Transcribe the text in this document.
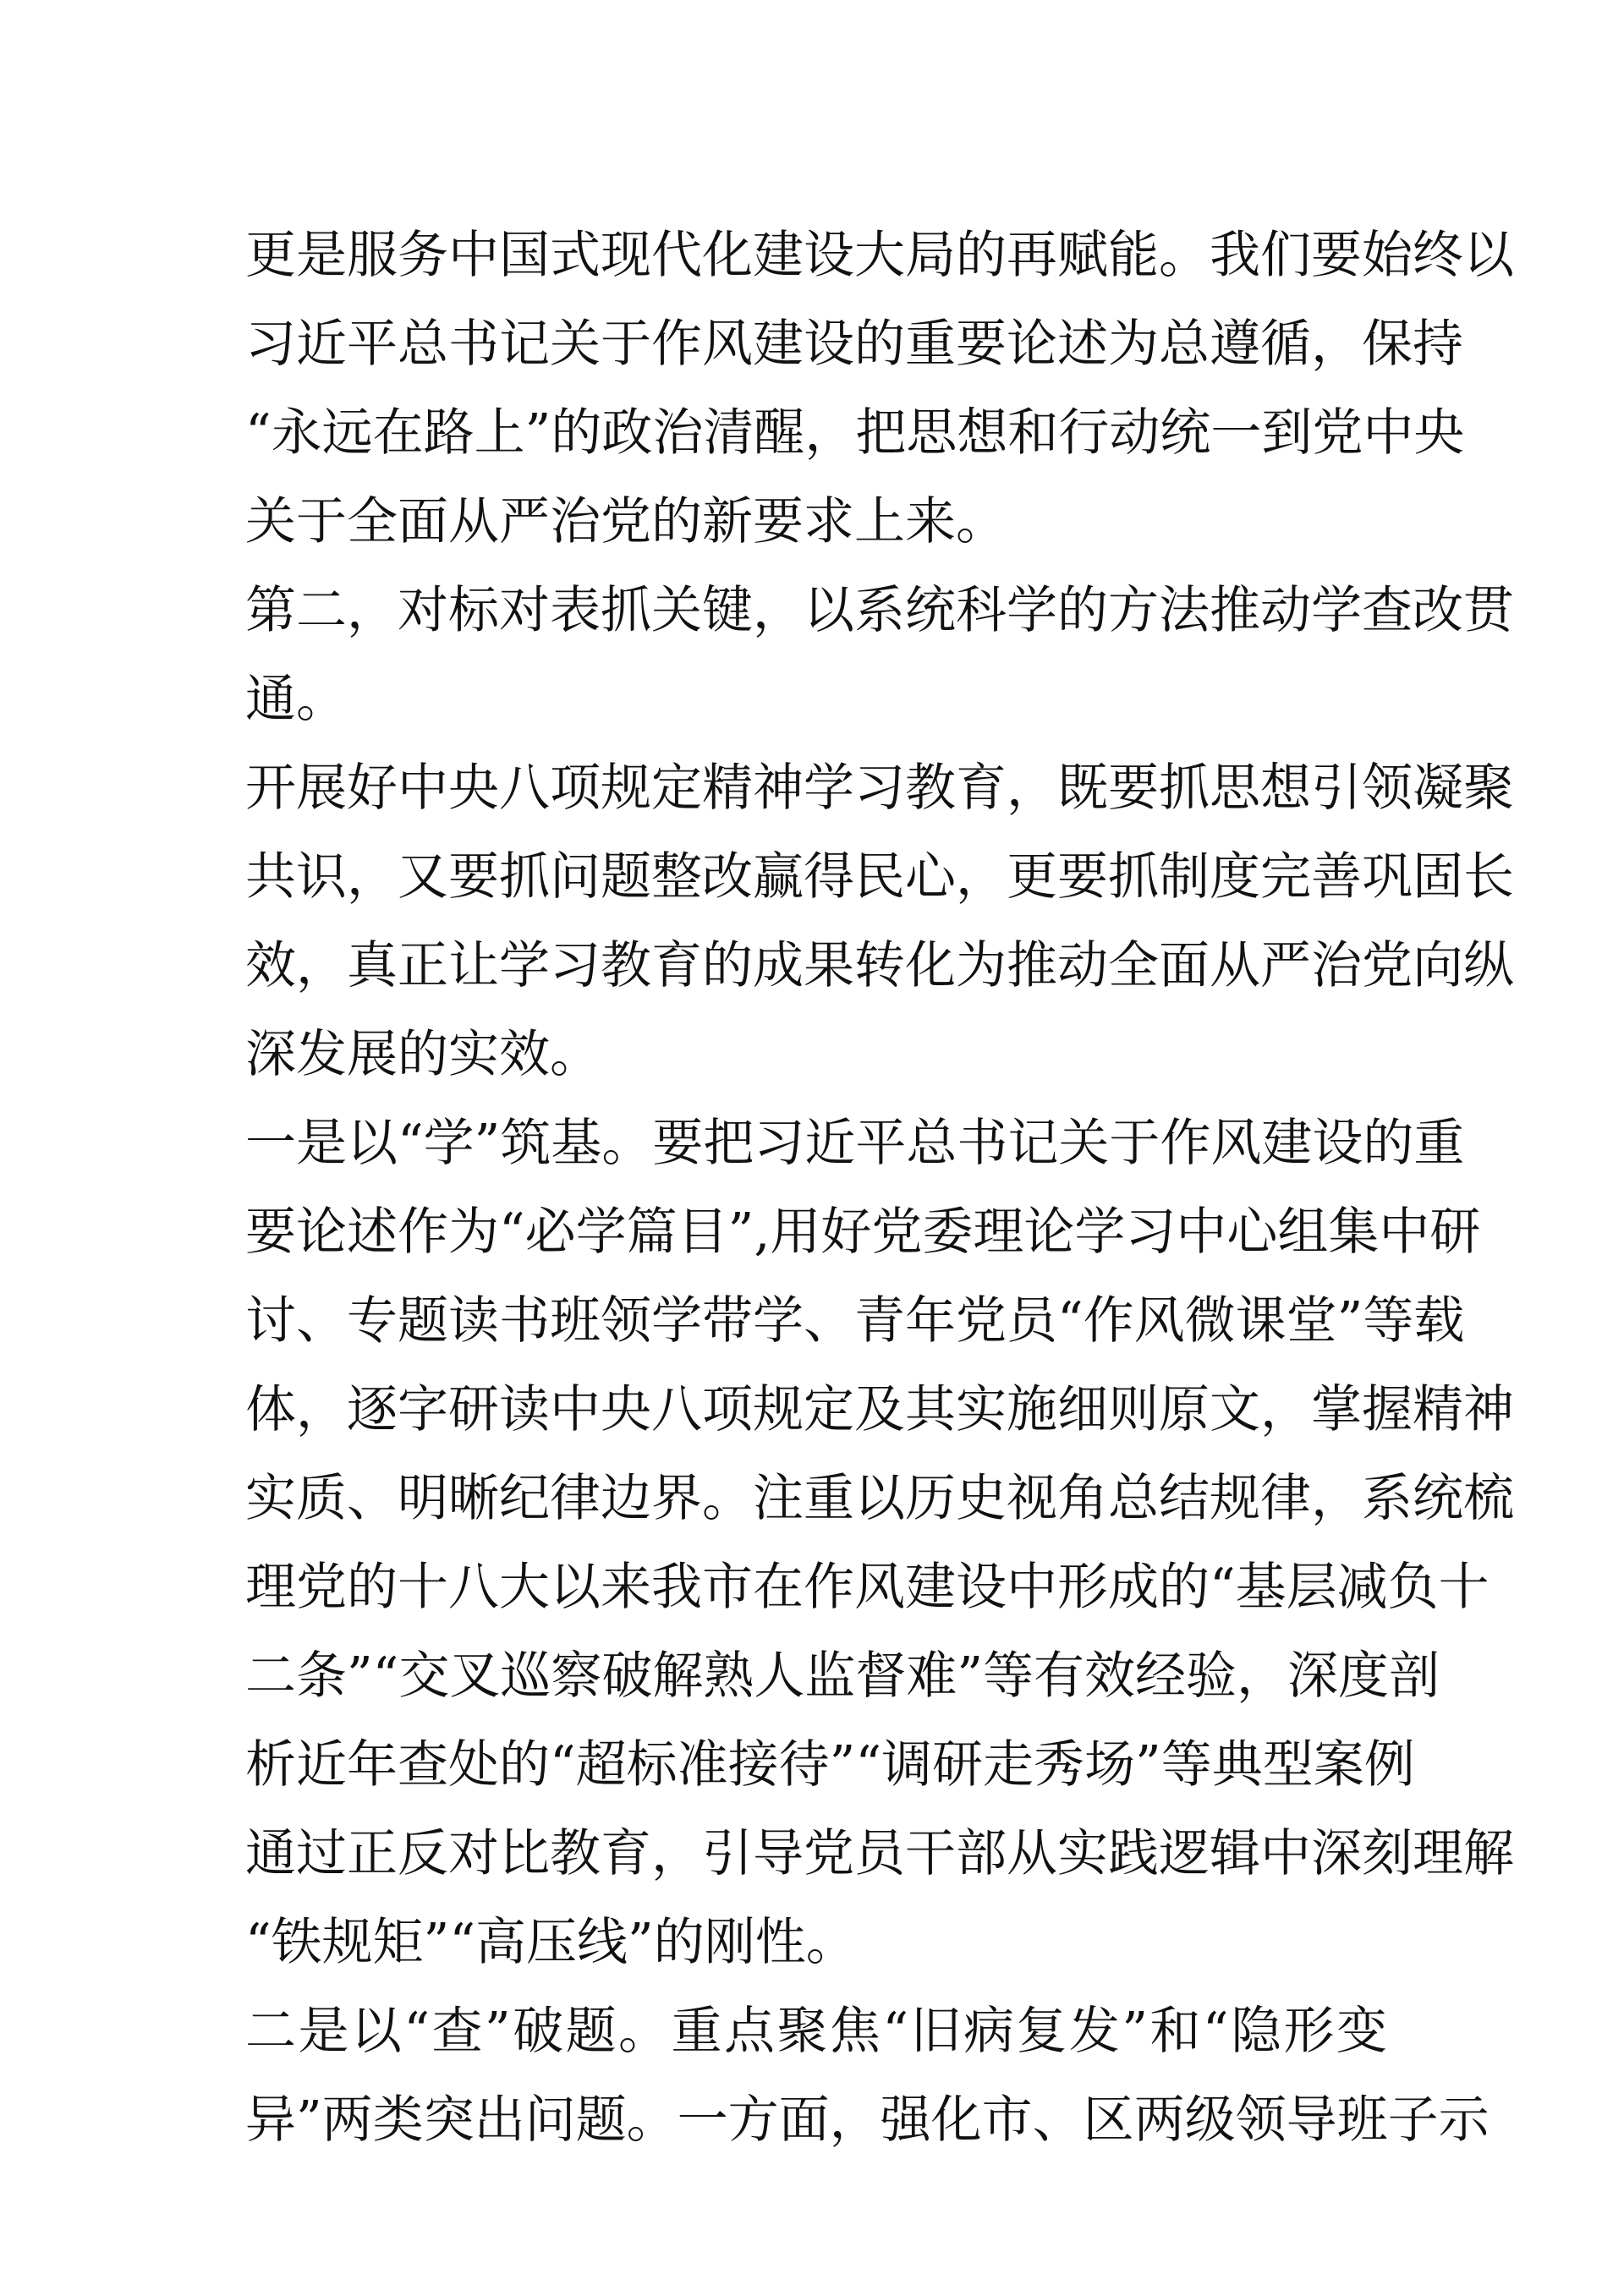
更是服务中国式现代化建设大局的再赋能。我们要始终以
习近平总书记关于作风建设的重要论述为总遵循，保持
“永远在路上”的政治清醒，把思想和行动统一到党中央
关于全面从严治党的新要求上来。
第二，对标对表抓关键，以系统科学的方法推动学查改贯
通。
开展好中央八项规定精神学习教育，既要抓思想引领凝聚
共识，又要抓问题整改赢得民心，更要抓制度完善巩固长
效，真正让学习教育的成果转化为推动全面从严治党向纵
深发展的实效。
一是以“学”筑基。要把习近平总书记关于作风建设的重
要论述作为“必学篇目”,用好党委理论学习中心组集中研
讨、专题读书班领学带学、青年党员“作风微课堂”等载
体，逐字研读中央八项规定及其实施细则原文，掌握精神
实质、明晰纪律边界。注重以历史视角总结规律，系统梳
理党的十八大以来我市在作风建设中形成的“基层减负十
二条”“交叉巡察破解熟人监督难”等有效经验，深度剖
析近年查处的“超标准接待”“调研走秀场”等典型案例
通过正反对比教育，引导党员干部从实践逻辑中深刻理解
“铁规矩”“高压线”的刚性。
二是以“查”破题。重点聚焦“旧病复发”和“隐形变
异”两类突出问题。一方面，强化市、区两级领导班子示
